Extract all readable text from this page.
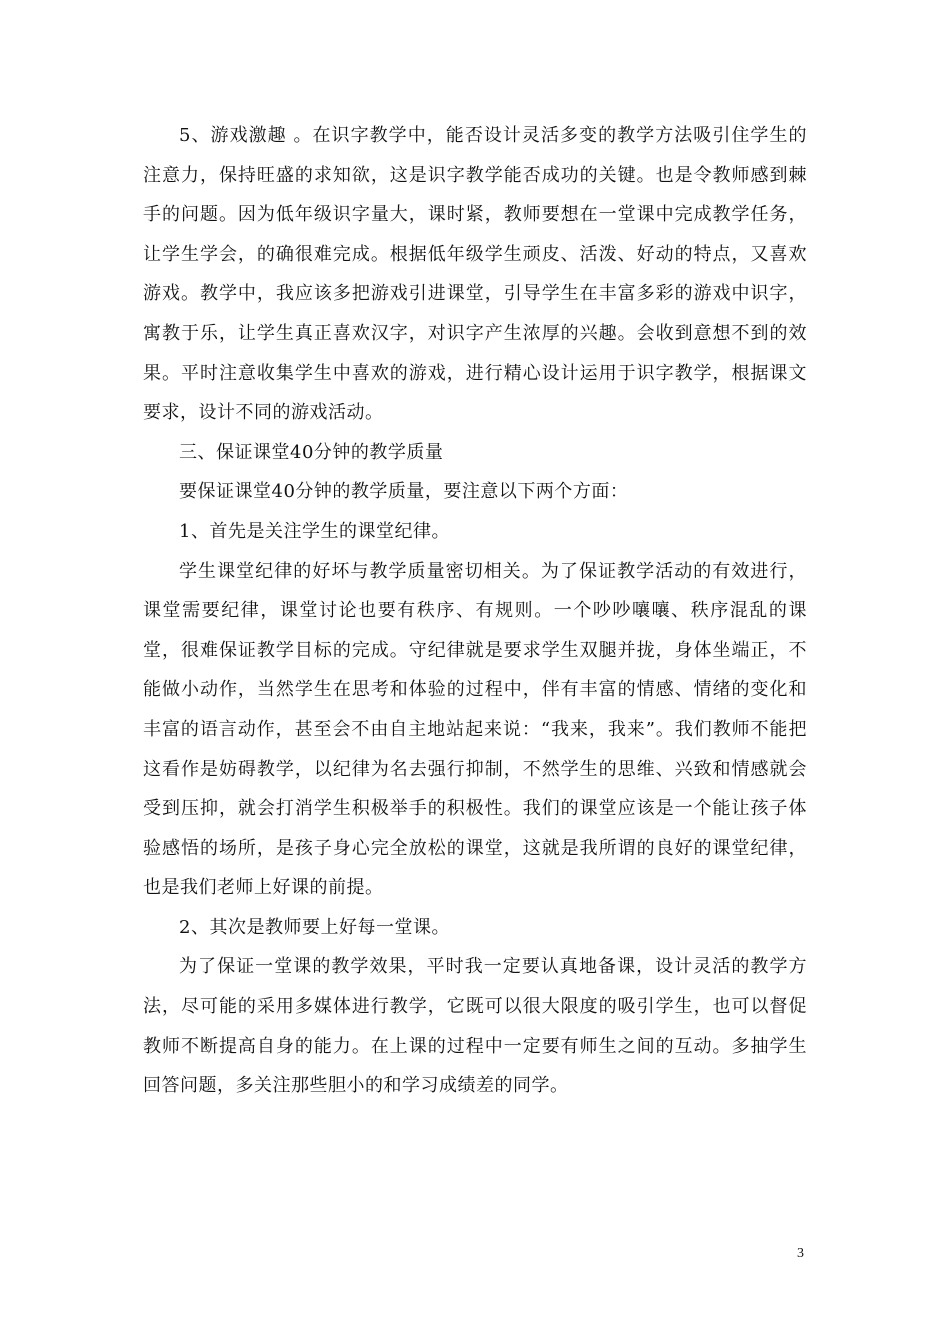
5、游戏激趣 。在识字教学中，能否设计灵活多变的教学方法吸引住学生的注意力，保持旺盛的求知欲，这是识字教学能否成功的关键。也是令教师感到棘手的问题。因为低年级识字量大，课时紧，教师要想在一堂课中完成教学任务，让学生学会，的确很难完成。根据低年级学生顽皮、活泼、好动的特点，又喜欢游戏。教学中，我应该多把游戏引进课堂，引导学生在丰富多彩的游戏中识字，寓教于乐，让学生真正喜欢汉字，对识字产生浓厚的兴趣。会收到意想不到的效果。平时注意收集学生中喜欢的游戏，进行精心设计运用于识字教学，根据课文要求，设计不同的游戏活动。

三、保证课堂40分钟的教学质量

要保证课堂40分钟的教学质量，要注意以下两个方面：

1、首先是关注学生的课堂纪律。

学生课堂纪律的好坏与教学质量密切相关。为了保证教学活动的有效进行，课堂需要纪律，课堂讨论也要有秩序、有规则。一个吵吵嚷嚷、秩序混乱的课堂，很难保证教学目标的完成。守纪律就是要求学生双腿并拢，身体坐端正，不能做小动作，当然学生在思考和体验的过程中，伴有丰富的情感、情绪的变化和丰富的语言动作，甚至会不由自主地站起来说：“我来，我来”。我们教师不能把这看作是妨碍教学，以纪律为名去强行抑制，不然学生的思维、兴致和情感就会受到压抑，就会打消学生积极举手的积极性。我们的课堂应该是一个能让孩子体验感悟的场所，是孩子身心完全放松的课堂，这就是我所谓的良好的课堂纪律，也是我们老师上好课的前提。

2、其次是教师要上好每一堂课。

为了保证一堂课的教学效果，平时我一定要认真地备课，设计灵活的教学方法，尽可能的采用多媒体进行教学，它既可以很大限度的吸引学生，也可以督促教师不断提高自身的能力。在上课的过程中一定要有师生之间的互动。多抽学生回答问题，多关注那些胆小的和学习成绩差的同学。

3
